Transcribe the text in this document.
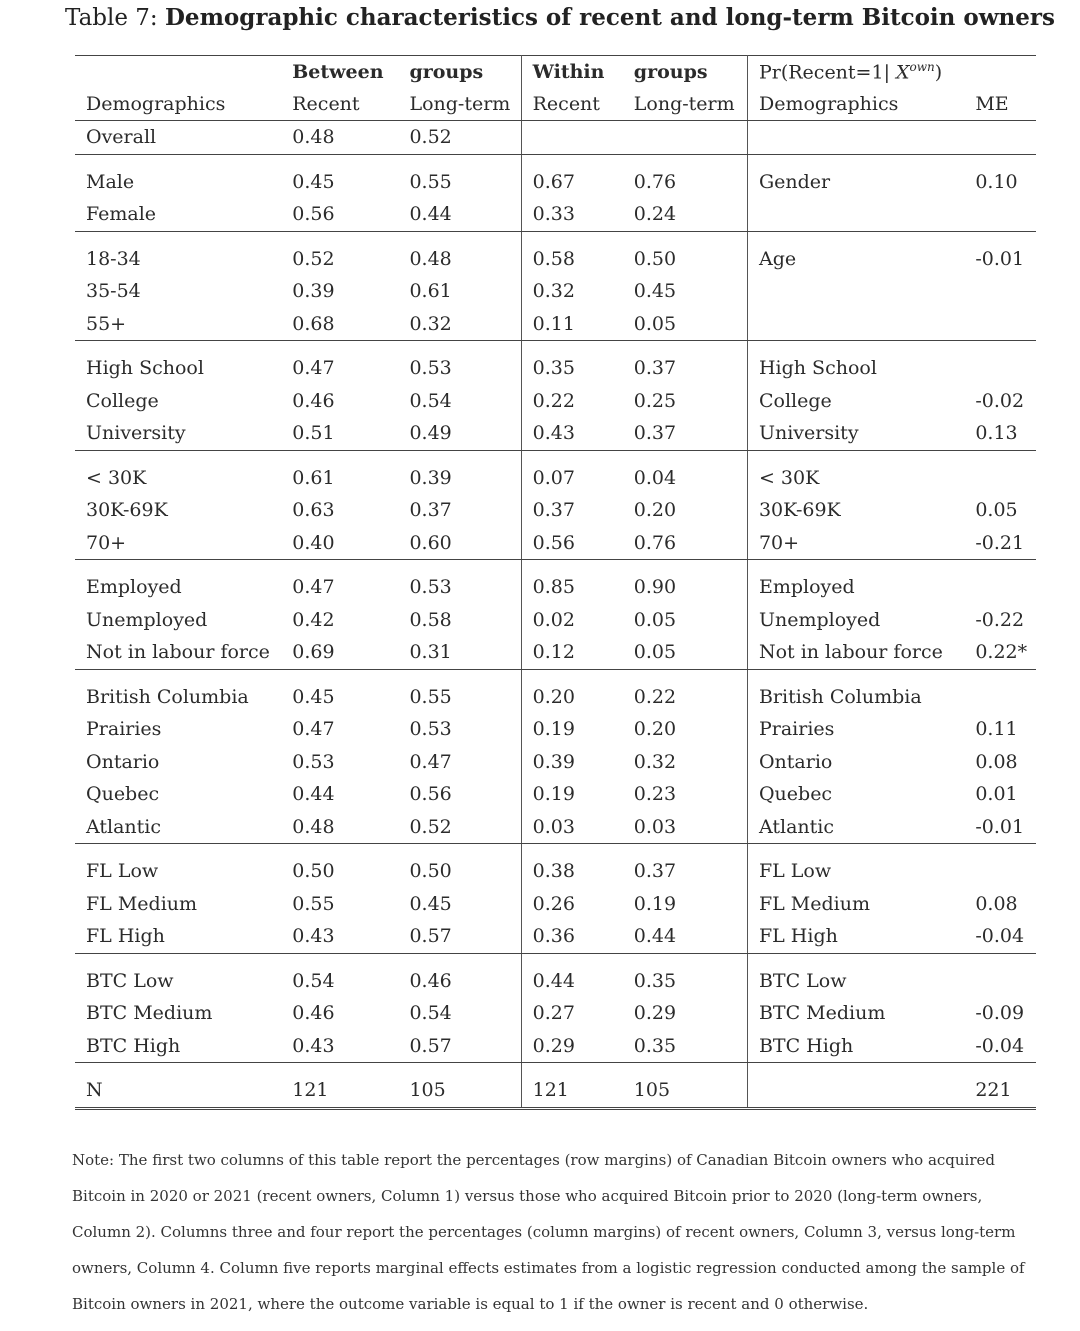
Table 7: Demographic characteristics of recent and long-term Bitcoin owners
	Between	groups	Within	groups	Pr(Recent=1| $X^{own}$)	
Demographics	Recent	Long-term	Recent	Long-term	Demographics	ME
Overall	0.48	0.52				

Male	0.45	0.55	0.67	0.76	Gender	0.10
Female	0.56	0.44	0.33	0.24		

18-34	0.52	0.48	0.58	0.50	Age	-0.01
35-54	0.39	0.61	0.32	0.45		
55+	0.68	0.32	0.11	0.05		

High School	0.47	0.53	0.35	0.37	High School	
College	0.46	0.54	0.22	0.25	College	-0.02
University	0.51	0.49	0.43	0.37	University	0.13

< 30K	0.61	0.39	0.07	0.04	< 30K	
30K-69K	0.63	0.37	0.37	0.20	30K-69K	0.05
70+	0.40	0.60	0.56	0.76	70+	-0.21

Employed	0.47	0.53	0.85	0.90	Employed	
Unemployed	0.42	0.58	0.02	0.05	Unemployed	-0.22
Not in labour force	0.69	0.31	0.12	0.05	Not in labour force	0.22*

British Columbia	0.45	0.55	0.20	0.22	British Columbia	
Prairies	0.47	0.53	0.19	0.20	Prairies	0.11
Ontario	0.53	0.47	0.39	0.32	Ontario	0.08
Quebec	0.44	0.56	0.19	0.23	Quebec	0.01
Atlantic	0.48	0.52	0.03	0.03	Atlantic	-0.01

FL Low	0.50	0.50	0.38	0.37	FL Low	
FL Medium	0.55	0.45	0.26	0.19	FL Medium	0.08
FL High	0.43	0.57	0.36	0.44	FL High	-0.04

BTC Low	0.54	0.46	0.44	0.35	BTC Low	
BTC Medium	0.46	0.54	0.27	0.29	BTC Medium	-0.09
BTC High	0.43	0.57	0.29	0.35	BTC High	-0.04

N	121	105	121	105		221
Note: The first two columns of this table report the percentages (row margins) of Canadian Bitcoin owners who acquired Bitcoin in 2020 or 2021 (recent owners, Column 1) versus those who acquired Bitcoin prior to 2020 (long-term owners, Column 2). Columns three and four report the percentages (column margins) of recent owners, Column 3, versus long-term owners, Column 4. Column five reports marginal effects estimates from a logistic regression conducted among the sample of Bitcoin owners in 2021, where the outcome variable is equal to 1 if the owner is recent and 0 otherwise.
